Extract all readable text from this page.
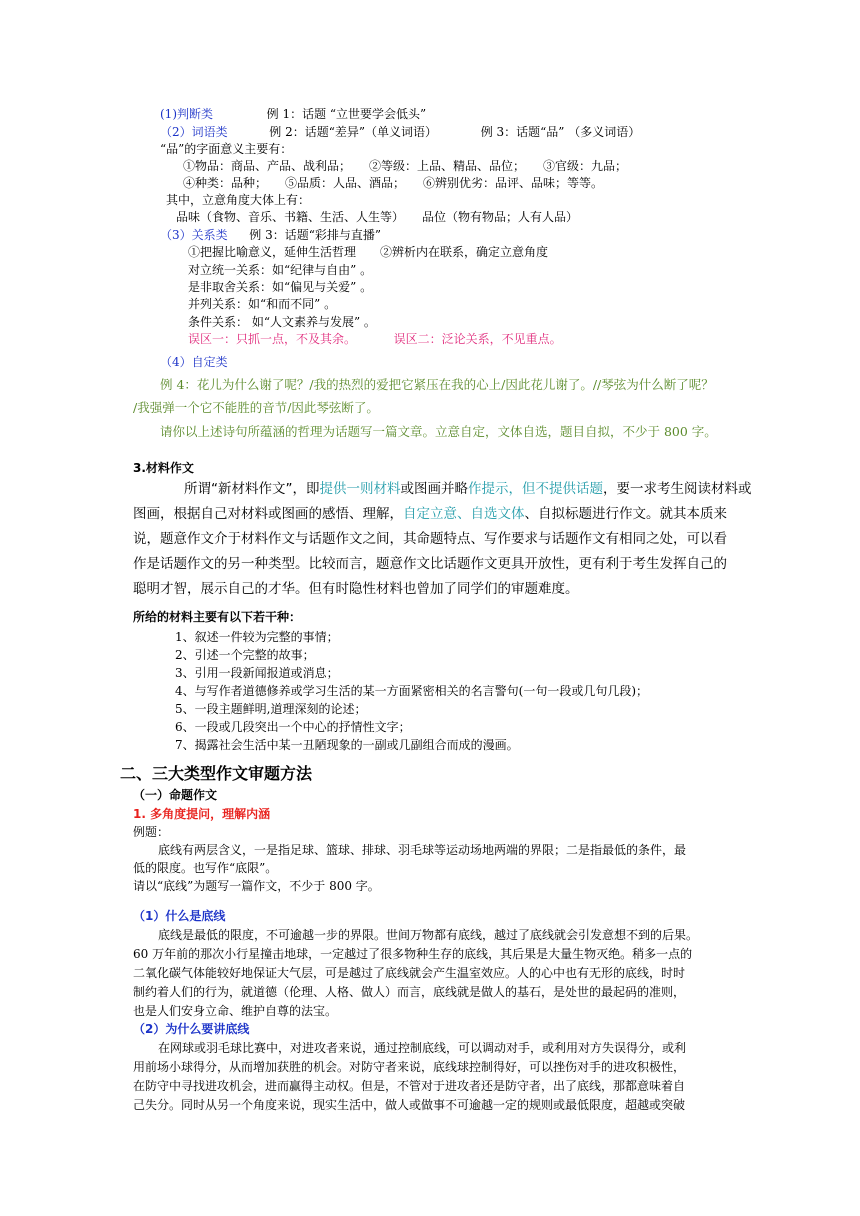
(1)判断类	例 1：话题 “立世要学会低头”
（2）词语类	例 2：话题“差异”（单义词语）	例 3：话题“品” （多义词语）
“品”的字面意义主要有：
①物品：商品、产品、战利品；　　②等级：上品、精品、品位；　　③官级：九品；
④种类：品种；　　⑤品质：人品、酒品；　　⑥辨别优劣：品评、品味；等等。
其中，立意角度大体上有：
品味（食物、音乐、书籍、生活、人生等）　　品位（物有物品；人有人品）
（3）关系类 例 3：话题“彩排与直播”
①把握比喻意义，延伸生活哲理　　②辨析内在联系，确定立意角度
对立统一关系：如“纪律与自由” 。
是非取舍关系：如“偏见与关爱” 。
并列关系：如“和而不同” 。
条件关系： 如“人文素养与发展” 。
误区一：只抓一点，不及其余。	误区二：泛论关系，不见重点。
（4）自定类
例 4：花儿为什么谢了呢？/我的热烈的爱把它紧压在我的心上/因此花儿谢了。//琴弦为什么断了呢？
/我强弹一个它不能胜的音节/因此琴弦断了。
请你以上述诗句所蕴涵的哲理为话题写一篇文章。立意自定，文体自选，题目自拟，不少于 800 字。
3.材料作文
所谓“新材料作文”，即提供一则材料或图画并略作提示，但不提供话题，要一求考生阅读材料或
图画，根据自己对材料或图画的感悟、理解，自定立意、自选文体、自拟标题进行作文。就其本质来
说，题意作文介于材料作文与话题作文之间，其命题特点、写作要求与话题作文有相同之处，可以看
作是话题作文的另一种类型。比较而言，题意作文比话题作文更具开放性，更有利于考生发挥自己的
聪明才智，展示自己的才华。但有时隐性材料也曾加了同学们的审题难度。
所给的材料主要有以下若干种：
1、叙述一件较为完整的事情；
2、引述一个完整的故事；
3、引用一段新闻报道或消息；
4、与写作者道德修养或学习生活的某一方面紧密相关的名言警句(一句一段或几句几段)；
5、一段主题鲜明,道理深刻的论述；
6、一段或几段突出一个中心的抒情性文字；
7、揭露社会生活中某一丑陋现象的一副或几副组合而成的漫画。
二、三大类型作文审题方法
（一）命题作文
1. 多角度提问，理解内涵
例题：
底线有两层含义，一是指足球、篮球、排球、羽毛球等运动场地两端的界限；二是指最低的条件，最
低的限度。也写作“底限”。
请以“底线”为题写一篇作文，不少于 800 字。
（1）什么是底线
底线是最低的限度，不可逾越一步的界限。世间万物都有底线，越过了底线就会引发意想不到的后果。
60 万年前的那次小行星撞击地球，一定越过了很多物种生存的底线，其后果是大量生物灭绝。稍多一点的
二氧化碳气体能较好地保证大气层，可是越过了底线就会产生温室效应。人的心中也有无形的底线，时时
制约着人们的行为，就道德（伦理、人格、做人）而言，底线就是做人的基石，是处世的最起码的准则，
也是人们安身立命、维护自尊的法宝。
（2）为什么要讲底线
在网球或羽毛球比赛中，对进攻者来说，通过控制底线，可以调动对手，或利用对方失误得分，或利
用前场小球得分，从而增加获胜的机会。对防守者来说，底线球控制得好，可以挫伤对手的进攻积极性，
在防守中寻找进攻机会，进而赢得主动权。但是，不管对于进攻者还是防守者，出了底线，那都意味着自
己失分。同时从另一个角度来说，现实生活中，做人或做事不可逾越一定的规则或最低限度，超越或突破
